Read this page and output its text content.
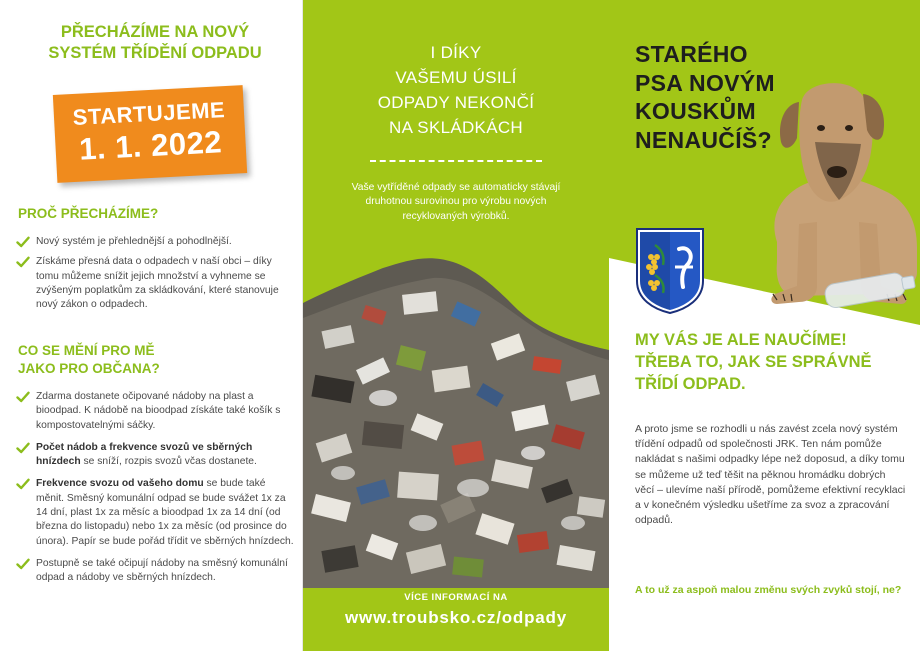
PŘECHÁZÍME NA NOVÝ
SYSTÉM TŘÍDĚNÍ ODPADU
STARTUJEME
1. 1. 2022
PROČ PŘECHÁZÍME?
Nový systém je přehlednější a pohodlnější.
Získáme přesná data o odpadech v naší obci – díky tomu můžeme snížit jejich množství a vyhneme se zvýšeným poplatkům za skládkování, které stanovuje nový zákon o odpadech.
CO SE MĚNÍ PRO MĚ
JAKO PRO OBČANA?
Zdarma dostanete očipované nádoby na plast a bioodpad. K nádobě na bioodpad získáte také košík s kompostovatelnými sáčky.
Počet nádob a frekvence svozů ve sběrných hnízdech se sníží, rozpis svozů včas dostanete.
Frekvence svozu od vašeho domu se bude také měnit. Směsný komunální odpad se bude svážet 1x za 14 dní, plast 1x za měsíc a bioodpad 1x za 14 dní (od března do listopadu) nebo 1x za měsíc (od prosince do února). Papír se bude pořád třídit ve sběrných hnízdech.
Postupně se také očipují nádoby na směsný komunální odpad a nádoby ve sběrných hnízdech.
I DÍKY
VAŠEMU ÚSILÍ
ODPADY NEKONČÍ
NA SKLÁDKÁCH
Vaše vytříděné odpady se automaticky stávají druhotnou surovinou pro výrobu nových recyklovaných výrobků.
VÍCE INFORMACÍ NA
www.troubsko.cz/odpady
STARÉHO
PSA NOVÝM
KOUSKŮM
NENAUČÍŠ?
MY VÁS JE ALE NAUČÍME!
TŘEBA TO, JAK SE SPRÁVNĚ
TŘÍDÍ ODPAD.
A proto jsme se rozhodli u nás zavést zcela nový systém třídění odpadů od společnosti JRK. Ten nám pomůže nakládat s našimi odpadky lépe než doposud, a díky tomu se můžeme už teď těšit na pěknou hromádku dobrých věcí – ulevíme naší přírodě, pomůžeme efektivní recyklaci a v konečném výsledku ušetříme za svoz a zpracování odpadů.
A to už za aspoň malou změnu svých zvyků stojí, ne?
